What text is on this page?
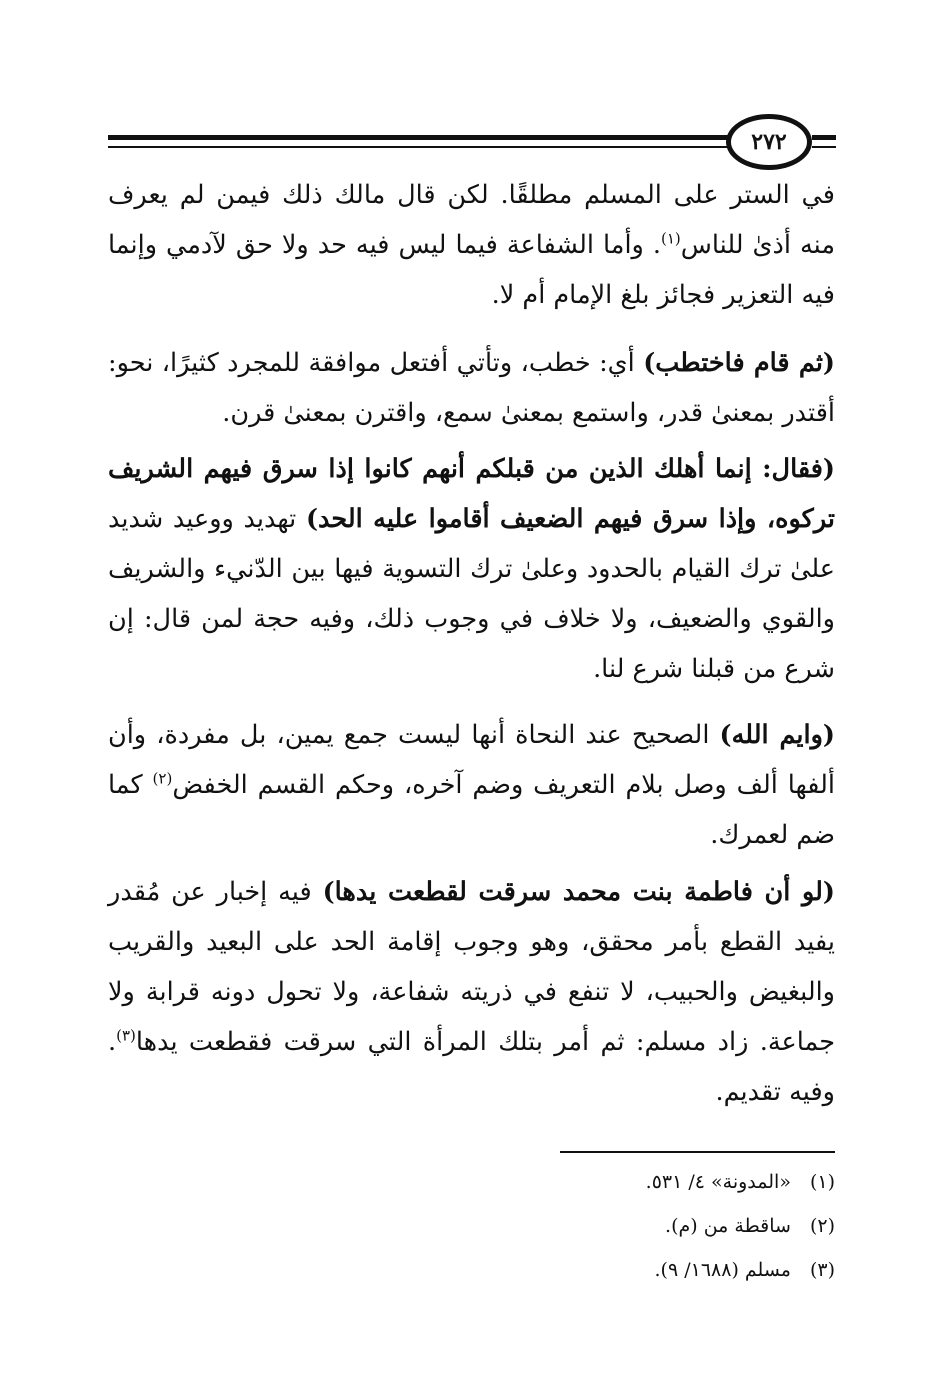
٢٧٢

في الستر على المسلم مطلقًا. لكن قال مالك ذلك فيمن لم يعرف منه أذىٰ للناس$^{(١)}$. وأما الشفاعة فيما ليس فيه حد ولا حق لآدمي وإنما فيه التعزير فجائز بلغ الإمام أم لا.

(ثم قام فاختطب) أي: خطب، وتأتي أفتعل موافقة للمجرد كثيرًا، نحو: أقتدر بمعنىٰ قدر، واستمع بمعنىٰ سمع، واقترن بمعنىٰ قرن.

(فقال: إنما أهلك الذين من قبلكم أنهم كانوا إذا سرق فيهم الشريف تركوه، وإذا سرق فيهم الضعيف أقاموا عليه الحد) تهديد ووعيد شديد علىٰ ترك القيام بالحدود وعلىٰ ترك التسوية فيها بين الدّنيء والشريف والقوي والضعيف، ولا خلاف في وجوب ذلك، وفيه حجة لمن قال: إن شرع من قبلنا شرع لنا.

(وايم الله) الصحيح عند النحاة أنها ليست جمع يمين، بل مفردة، وأن ألفها ألف وصل بلام التعريف وضم آخره، وحكم القسم الخفض$^{(٢)}$ كما ضم لعمرك.

(لو أن فاطمة بنت محمد سرقت لقطعت يدها) فيه إخبار عن مُقدر يفيد القطع بأمر محقق، وهو وجوب إقامة الحد على البعيد والقريب والبغيض والحبيب، لا تنفع في ذريته شفاعة، ولا تحول دونه قرابة ولا جماعة. زاد مسلم: ثم أمر بتلك المرأة التي سرقت فقطعت يدها$^{(٣)}$. وفيه تقديم.

(١) «المدونة» ٤/ ٥٣١.
(٢) ساقطة من (م).
(٣) مسلم (١٦٨٨/ ٩).
